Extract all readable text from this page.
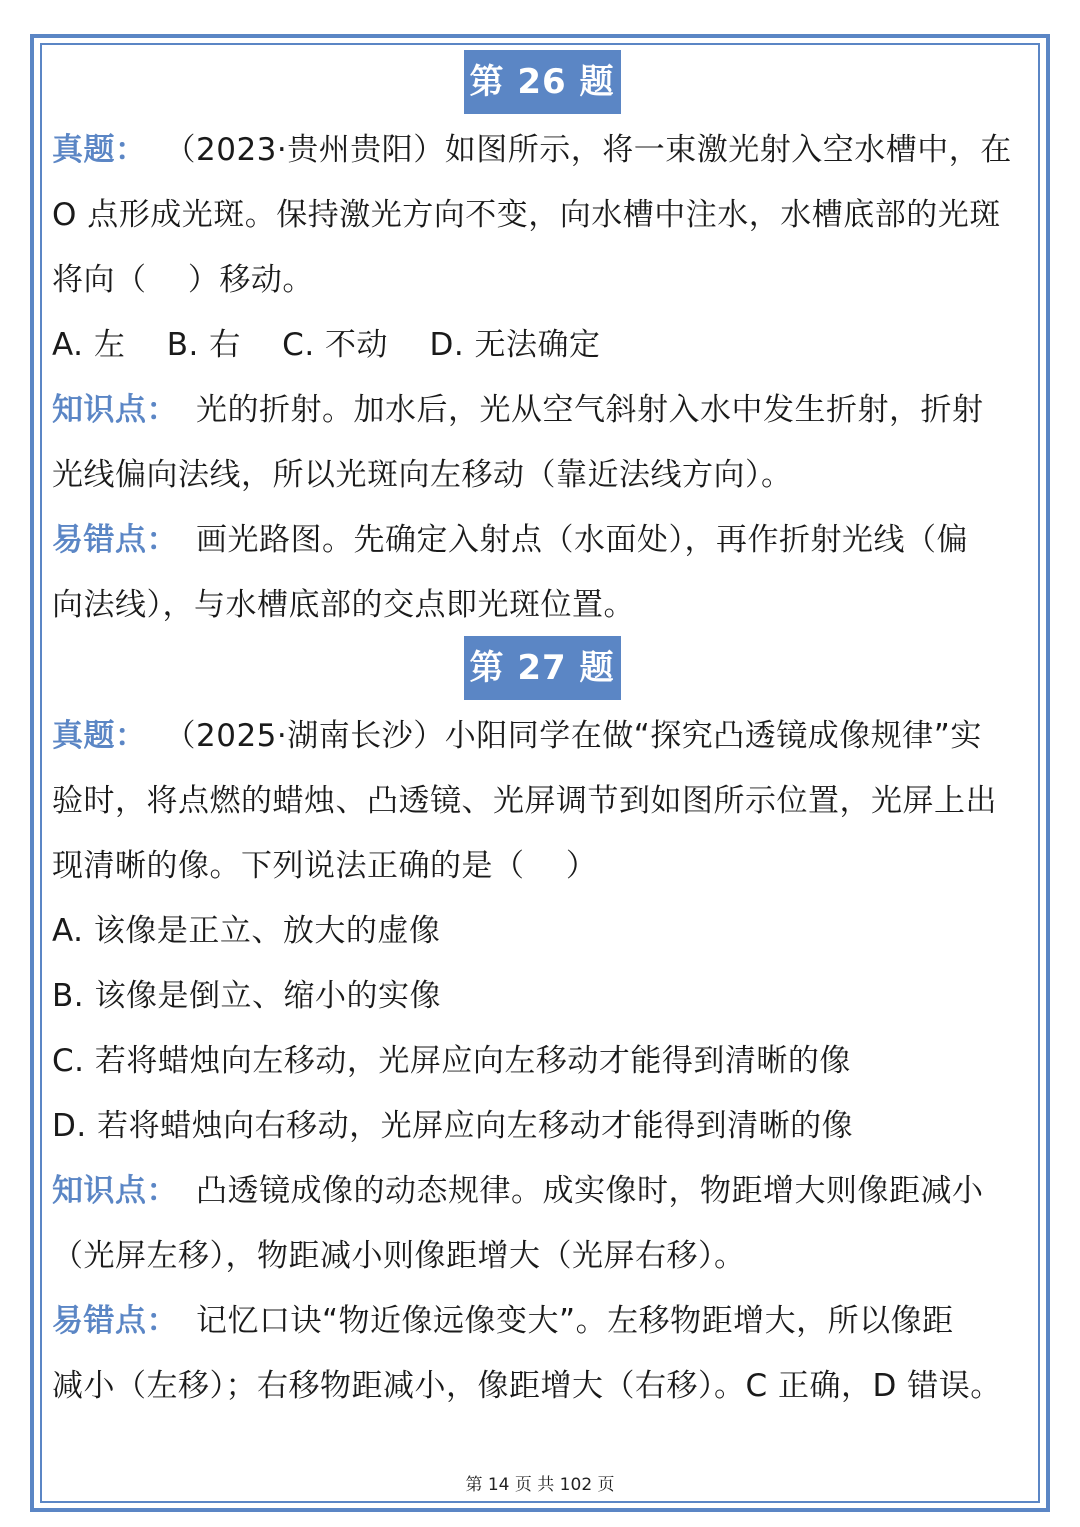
第 26 题
真题： （2023·贵州贵阳）如图所示，将一束激光射入空水槽中，在
O 点形成光斑。保持激光方向不变，向水槽中注水，水槽底部的光斑
将向（    ）移动。
A. 左    B. 右    C. 不动    D. 无法确定
知识点： 光的折射。加水后，光从空气斜射入水中发生折射，折射
光线偏向法线，所以光斑向左移动（靠近法线方向）。
易错点： 画光路图。先确定入射点（水面处），再作折射光线（偏
向法线），与水槽底部的交点即光斑位置。
第 27 题
真题： （2025·湖南长沙）小阳同学在做“探究凸透镜成像规律”实
验时，将点燃的蜡烛、凸透镜、光屏调节到如图所示位置，光屏上出
现清晰的像。下列说法正确的是（    ）
A. 该像是正立、放大的虚像
B. 该像是倒立、缩小的实像
C. 若将蜡烛向左移动，光屏应向左移动才能得到清晰的像
D. 若将蜡烛向右移动，光屏应向左移动才能得到清晰的像
知识点： 凸透镜成像的动态规律。成实像时，物距增大则像距减小
（光屏左移），物距减小则像距增大（光屏右移）。
易错点： 记忆口诀“物近像远像变大”。左移物距增大，所以像距
减小（左移）；右移物距减小，像距增大（右移）。C 正确，D 错误。
第 14 页 共 102 页
